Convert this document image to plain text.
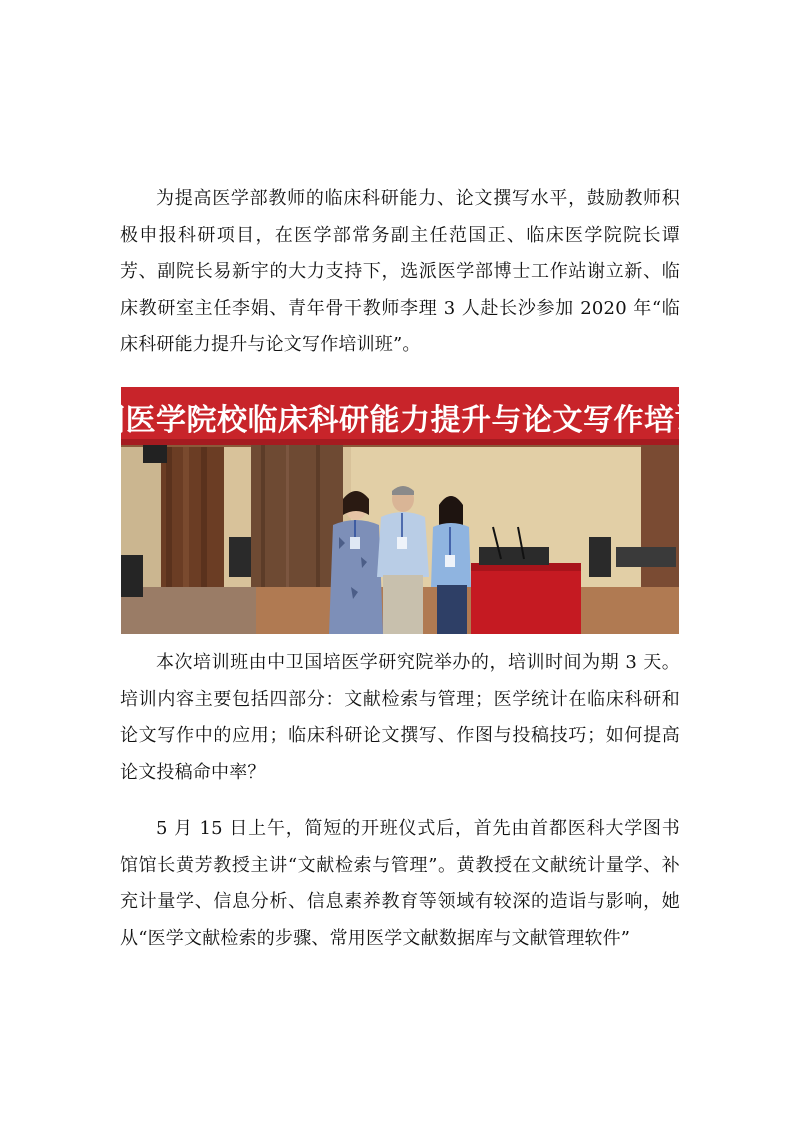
为提高医学部教师的临床科研能力、论文撰写水平，鼓励教师积极申报科研项目，在医学部常务副主任范国正、临床医学院院长谭芳、副院长易新宇的大力支持下，选派医学部博士工作站谢立新、临床教研室主任李娟、青年骨干教师李理 3 人赴长沙参加 2020 年“临床科研能力提升与论文写作培训班”。

全国医学院校临床科研能力提升与论文写作培训班

本次培训班由中卫国培医学研究院举办的，培训时间为期 3 天。培训内容主要包括四部分：文献检索与管理；医学统计在临床科研和论文写作中的应用；临床科研论文撰写、作图与投稿技巧；如何提高论文投稿命中率？

5 月 15 日上午，简短的开班仪式后，首先由首都医科大学图书馆馆长黄芳教授主讲“文献检索与管理”。黄教授在文献统计量学、补充计量学、信息分析、信息素养教育等领域有较深的造诣与影响，她从“医学文献检索的步骤、常用医学文献数据库与文献管理软件”
